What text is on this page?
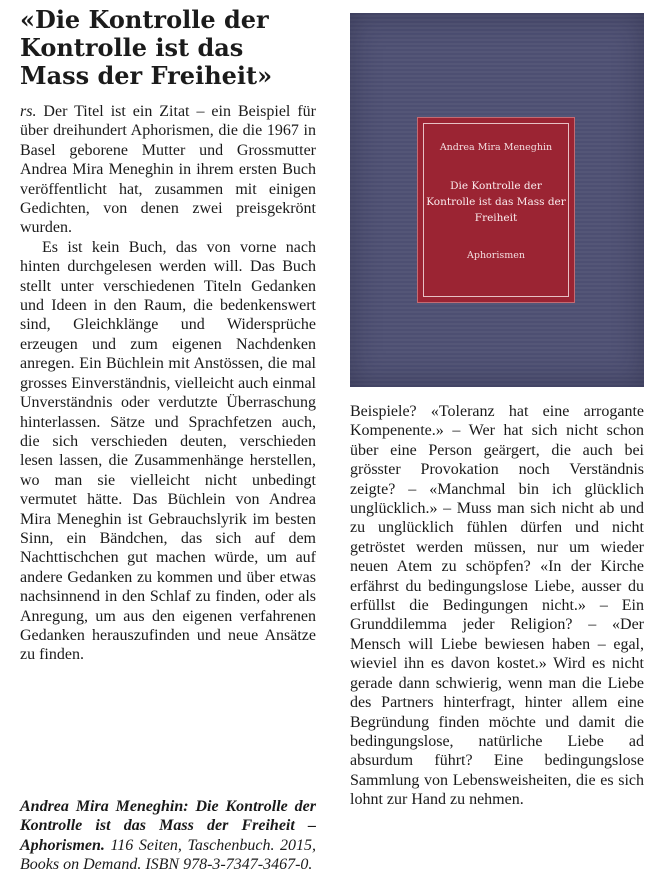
«Die Kontrolle der Kontrolle ist das Mass der Freiheit»

rs. Der Titel ist ein Zitat – ein Beispiel für über dreihundert Aphorismen, die die 1967 in Basel geborene Mutter und Grossmutter Andrea Mira Meneghin in ihrem ersten Buch veröffentlicht hat, zusammen mit einigen Gedichten, von denen zwei preisgekrönt wurden.

Es ist kein Buch, das von vorne nach hinten durchgelesen werden will. Das Buch stellt unter verschiedenen Titeln Gedanken und Ideen in den Raum, die bedenkenswert sind, Gleichklänge und Widersprüche erzeugen und zum eigenen Nachdenken anregen. Ein Büchlein mit Anstössen, die mal grosses Einverständnis, vielleicht auch einmal Unverständnis oder verdutzte Überraschung hinterlassen. Sätze und Sprachfetzen auch, die sich verschieden deuten, verschieden lesen lassen, die Zusammenhänge herstellen, wo man sie vielleicht nicht unbedingt vermutet hätte. Das Büchlein von Andrea Mira Meneghin ist Gebrauchslyrik im besten Sinn, ein Bändchen, das sich auf dem Nachttischchen gut machen würde, um auf andere Gedanken zu kommen und über etwas nachsinnend in den Schlaf zu finden, oder als Anregung, um aus den eigenen verfahrenen Gedanken herauszufinden und neue Ansätze zu finden.

Andrea Mira Meneghin: Die Kontrolle der Kontrolle ist das Mass der Freiheit – Aphorismen. 116 Seiten, Taschenbuch. 2015, Books on Demand. ISBN 978-3-7347-3467-0.
Andrea Mira Meneghin
Die Kontrolle der Kontrolle ist das Mass der Freiheit
Aphorismen

Beispiele? «Toleranz hat eine arrogante Kompenente.» – Wer hat sich nicht schon über eine Person geärgert, die auch bei grösster Provokation noch Verständnis zeigte? – «Manchmal bin ich glücklich unglücklich.» – Muss man sich nicht ab und zu unglücklich fühlen dürfen und nicht getröstet werden müssen, nur um wieder neuen Atem zu schöpfen? «In der Kirche erfährst du bedingungslose Liebe, ausser du erfüllst die Bedingungen nicht.» – Ein Grunddilemma jeder Religion? – «Der Mensch will Liebe bewiesen haben – egal, wieviel ihn es davon kostet.» Wird es nicht gerade dann schwierig, wenn man die Liebe des Partners hinterfragt, hinter allem eine Begründung finden möchte und damit die bedingungslose, natürliche Liebe ad absurdum führt? Eine bedingungslose Sammlung von Lebensweisheiten, die es sich lohnt zur Hand zu nehmen.
